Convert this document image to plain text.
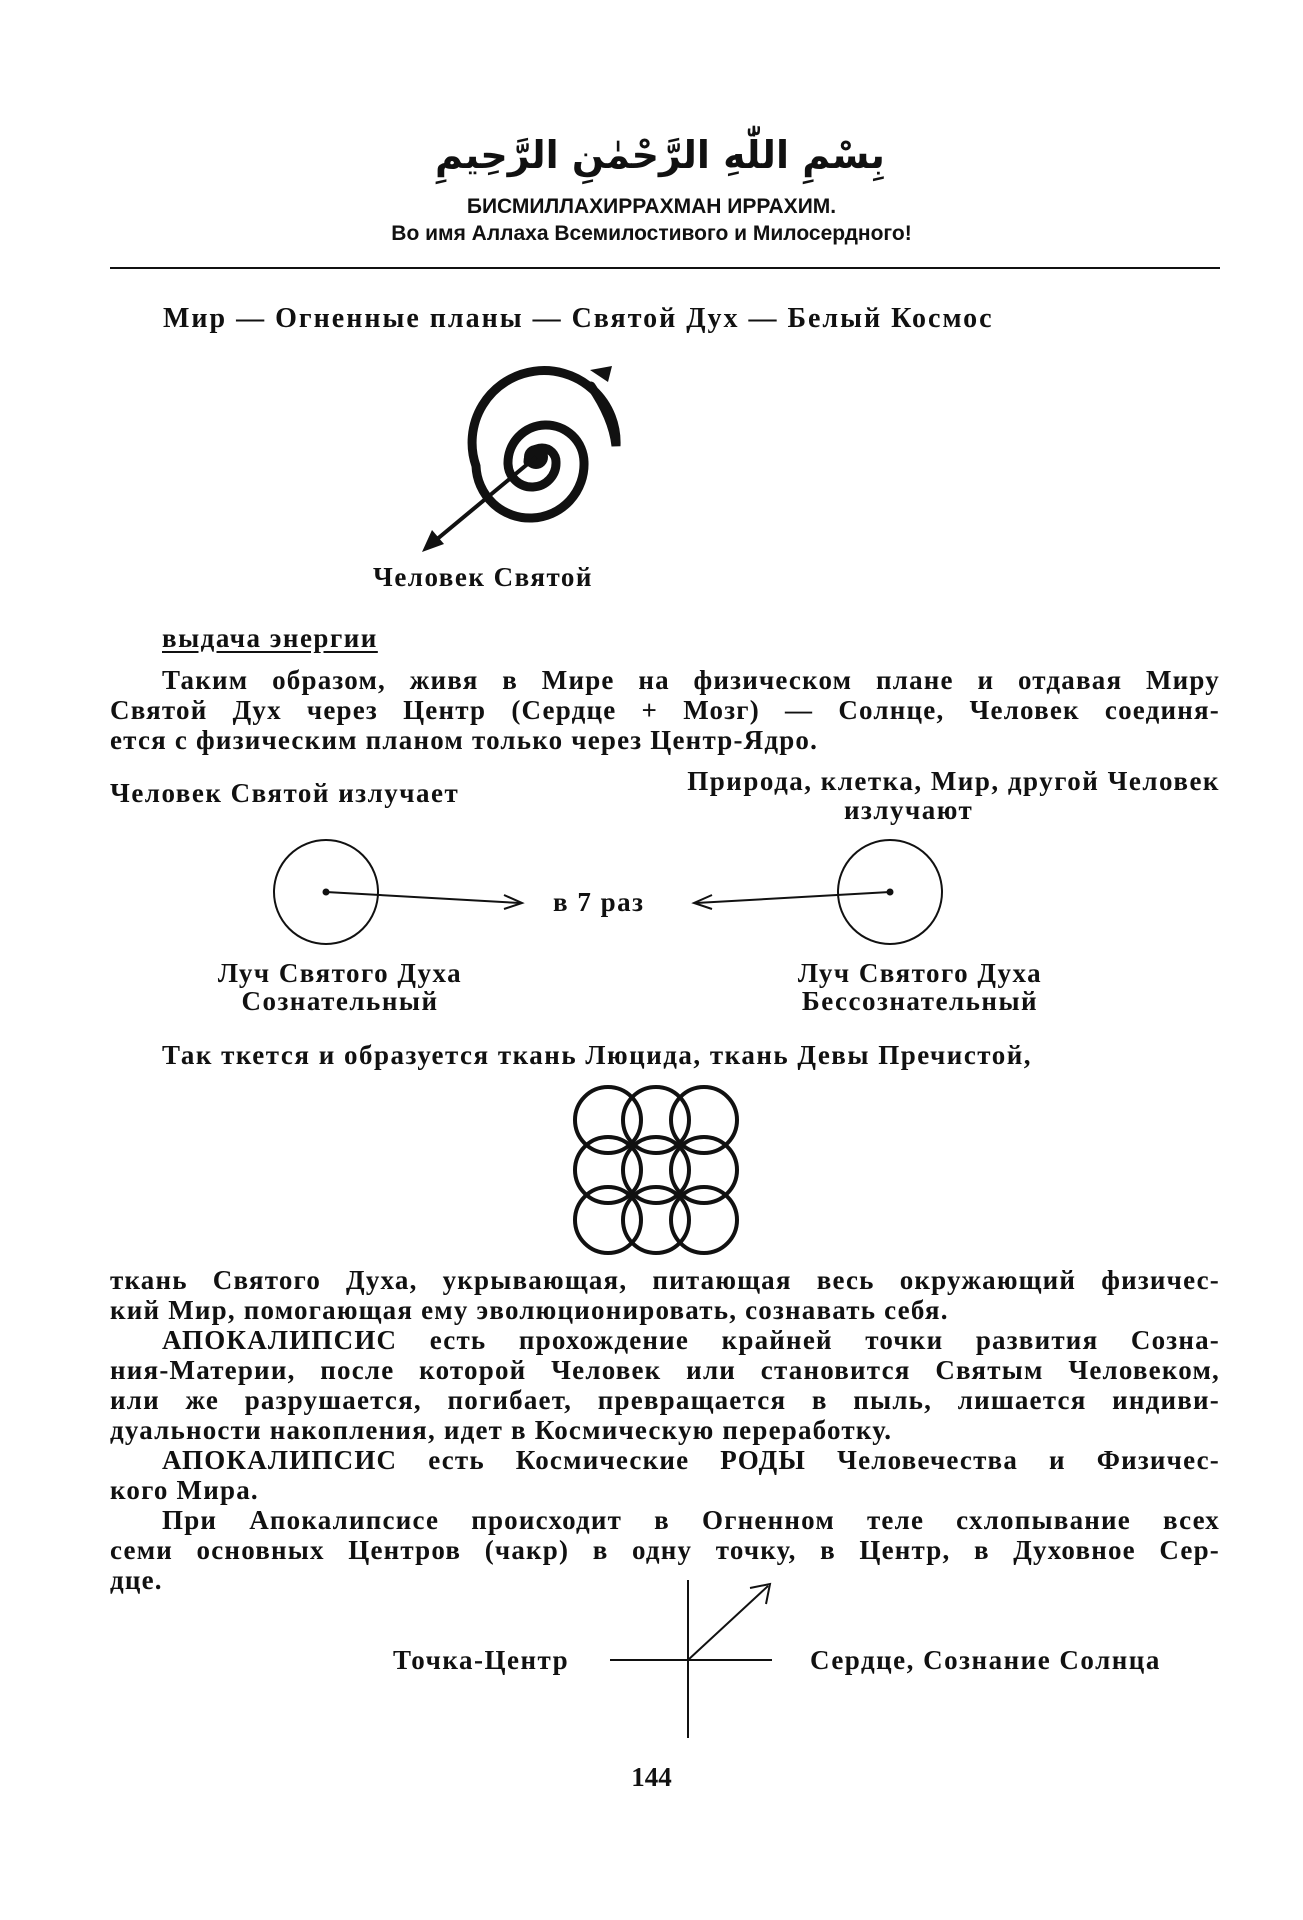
بِسْمِ اللّٰهِ الرَّحْمٰنِ الرَّحِيمِ
БИСМИЛЛАХИРРАХМАН ИРРАХИМ.
Во имя Аллаха Всемилостивого и Милосердного!
Мир — Огненные планы — Святой Дух — Белый Космос
Человек Святой
выдача энергии
Таким образом, живя в Мире на физическом плане и отдавая Миру
Святой Дух через Центр (Сердце + Мозг) — Солнце, Человек соединя-
ется с физическим планом только через Центр-Ядро.
Человек Святой излучает	Природа, клетка, Мир, другой Человек
излучают
в 7 раз
Луч Святого Духа
Сознательный
Луч Святого Духа
Бессознательный
Так ткется и образуется ткань Люцида, ткань Девы Пречистой,
ткань Святого Духа, укрывающая, питающая весь окружающий физичес-
кий Мир, помогающая ему эволюционировать, сознавать себя.
АПОКАЛИПСИС есть прохождение крайней точки развития Созна-
ния-Материи, после которой Человек или становится Святым Человеком,
или же разрушается, погибает, превращается в пыль, лишается индиви-
дуальности накопления, идет в Космическую переработку.
АПОКАЛИПСИС есть Космические РОДЫ Человечества и Физичес-
кого Мира.
При Апокалипсисе происходит в Огненном теле схлопывание всех
семи основных Центров (чакр) в одну точку, в Центр, в Духовное Сер-
дце.
Точка-Центр	Сердце, Сознание Солнца
144
